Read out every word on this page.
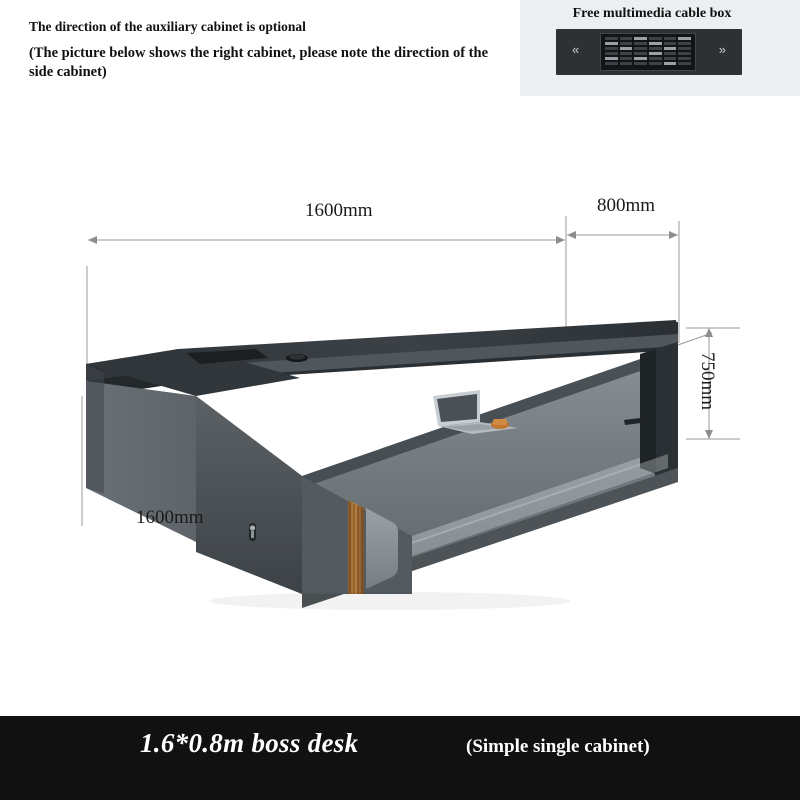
The direction of the auxiliary cabinet is optional
(The picture below shows the right cabinet, please note the direction of the side cabinet)
Free multimedia cable box
«	»
1600mm	800mm
1600mm
750mm
1.6*0.8m boss desk	(Simple single cabinet)
